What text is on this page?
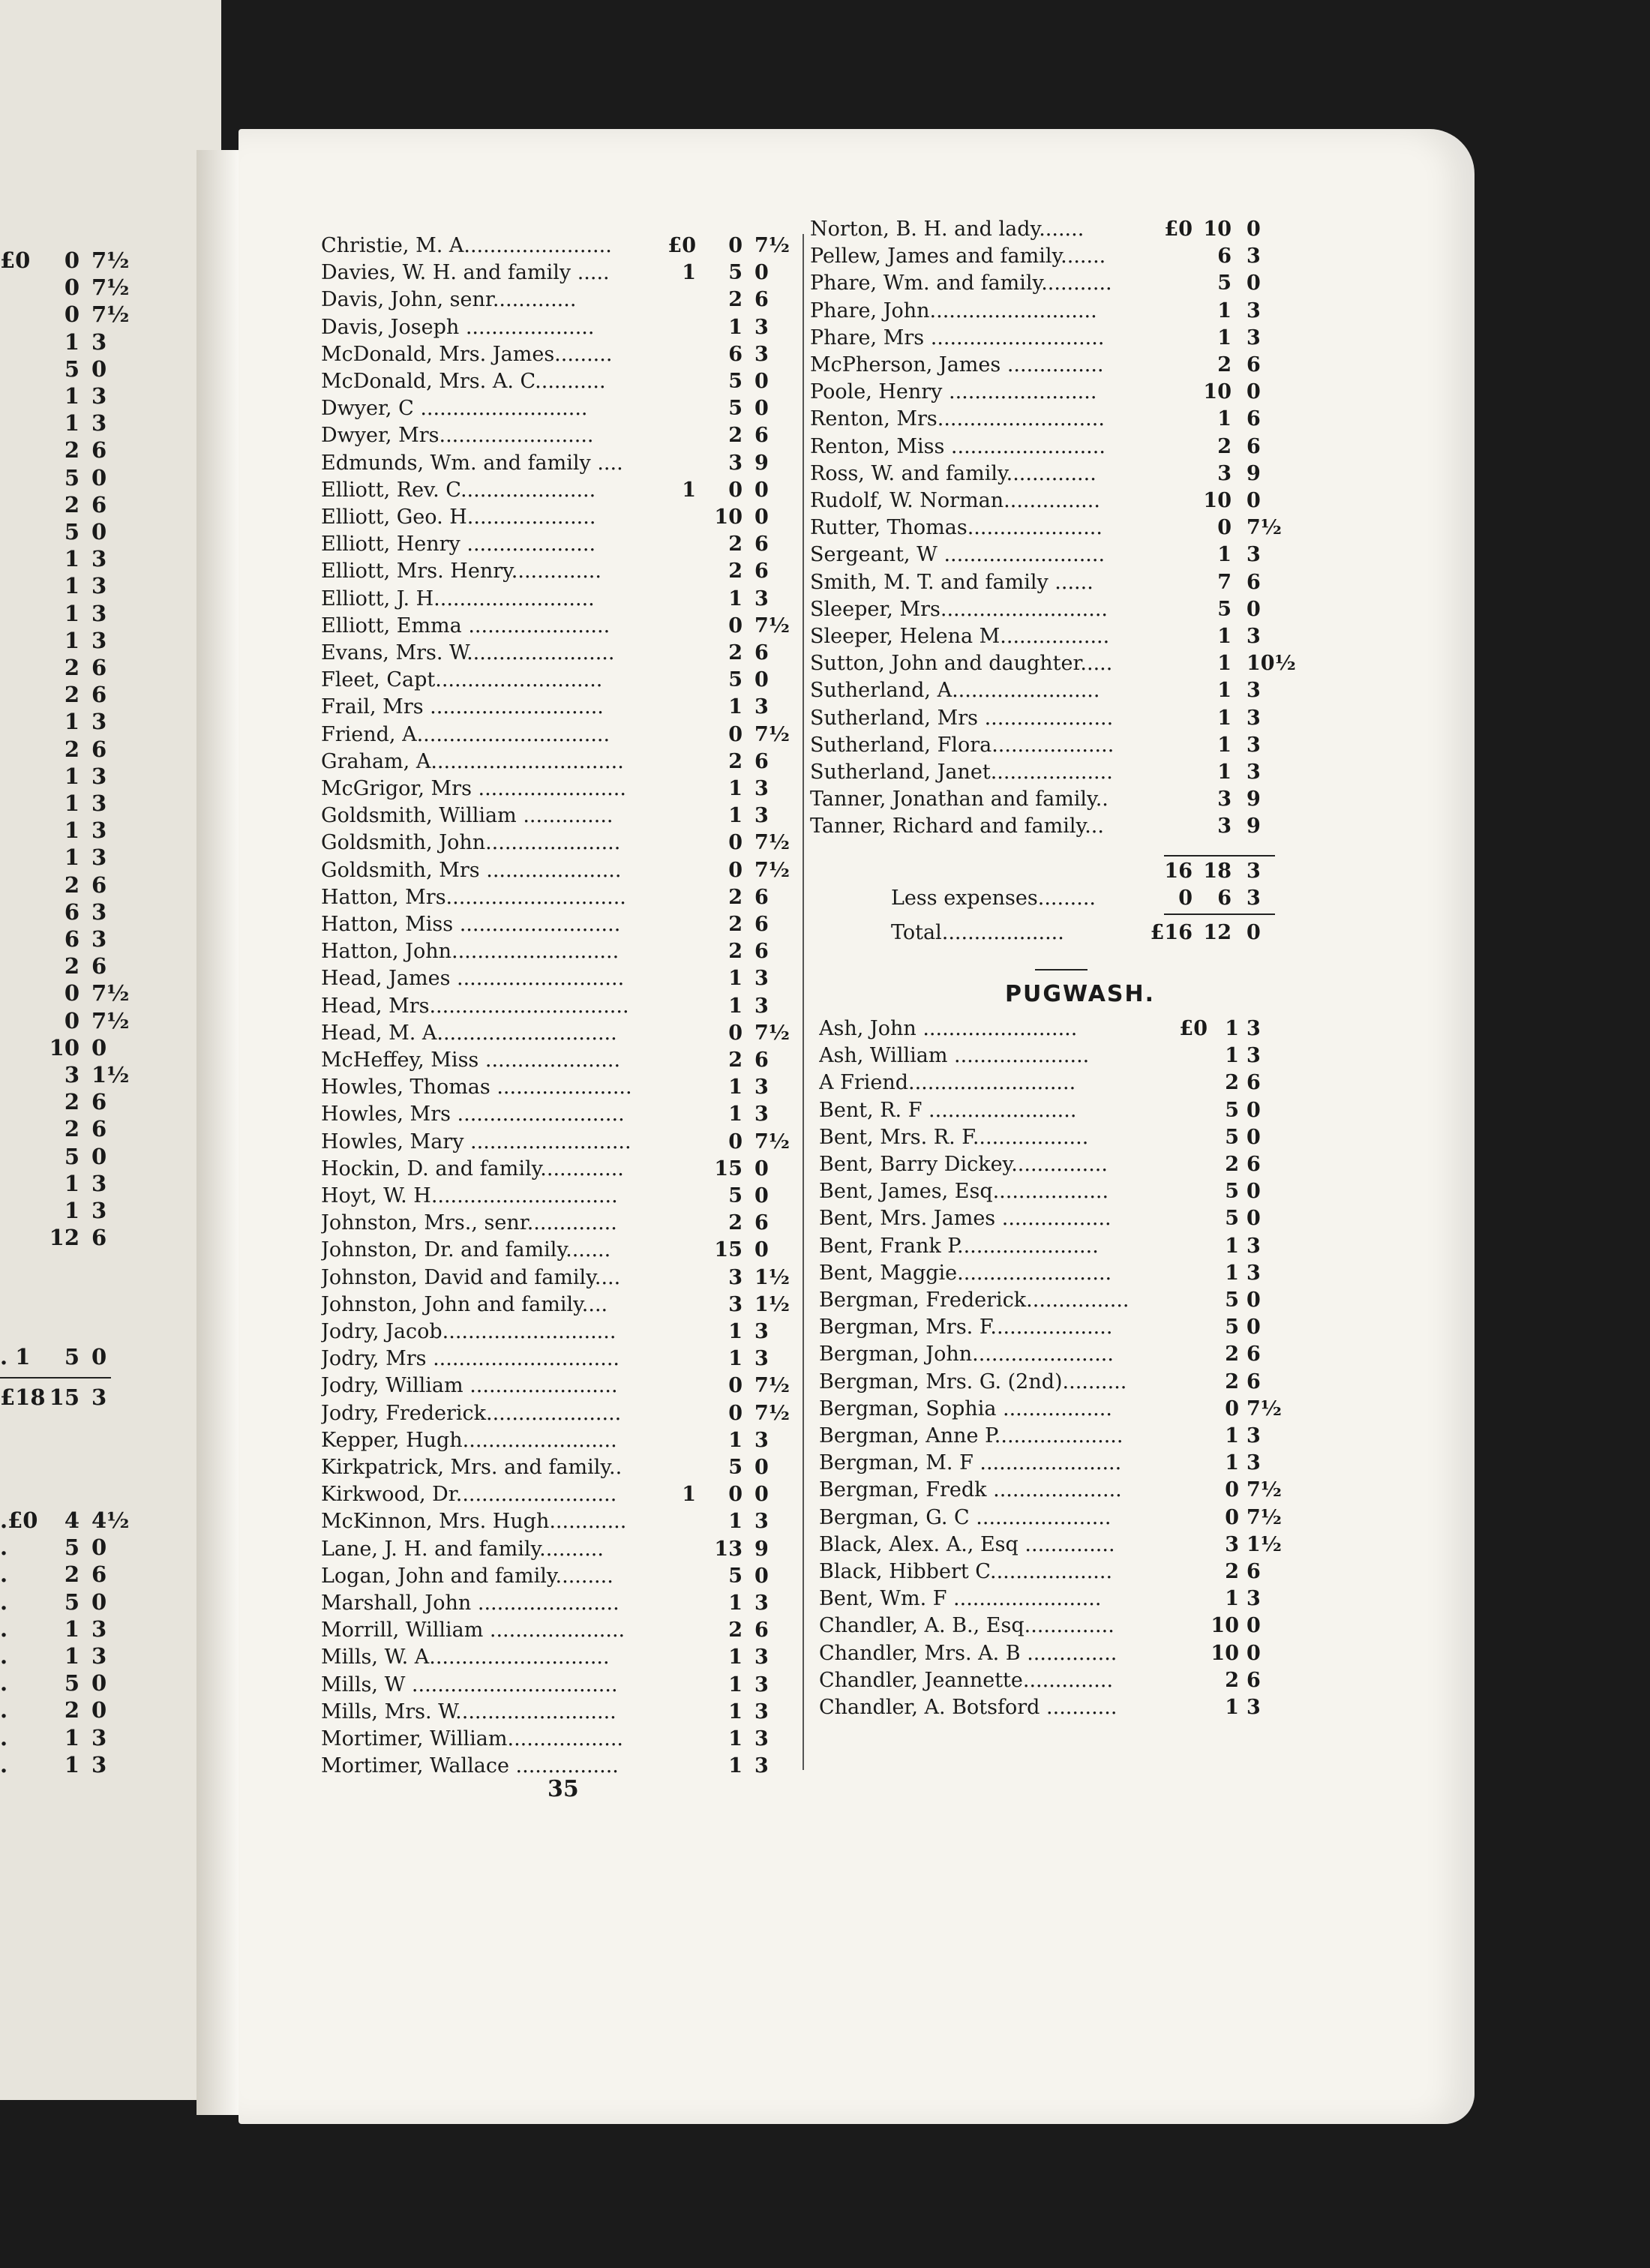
£0 0 7½
0 7½
0 7½
1 3
5 0
1 3
1 3
2 6
5 0
2 6
5 0
1 3
1 3
1 3
1 3
2 6
2 6
1 3
2 6
1 3
1 3
1 3
1 3
2 6
6 3
6 3
2 6
0 7½
0 7½
10 0
3 1½
2 6
2 6
5 0
1 3
1 3
12 6
. 1 5 0
£18 15 3
.£0 4 4½
.	5 0
.	2 6
.	5 0
.	1 3
.	1 3
.	5 0
.	2 0
.	1 3
.	1 3
Christie, M. A.......................	£0 0 7½
Davies, W. H. and family .....	1 5 0
Davis, John, senr.............	2 6
Davis, Joseph ....................	1 3
McDonald, Mrs. James.........	6 3
McDonald, Mrs. A. C...........	5 0
Dwyer, C ..........................	5 0
Dwyer, Mrs........................	2 6
Edmunds, Wm. and family ....	3 9
Elliott, Rev. C.....................	1 0 0
Elliott, Geo. H....................	10 0
Elliott, Henry ....................	2 6
Elliott, Mrs. Henry..............	2 6
Elliott, J. H.........................	1 3
Elliott, Emma ......................	0 7½
Evans, Mrs. W.......................	2 6
Fleet, Capt..........................	5 0
Frail, Mrs ...........................	1 3
Friend, A..............................	0 7½
Graham, A..............................	2 6
McGrigor, Mrs .......................	1 3
Goldsmith, William ..............	1 3
Goldsmith, John.....................	0 7½
Goldsmith, Mrs .....................	0 7½
Hatton, Mrs............................	2 6
Hatton, Miss .........................	2 6
Hatton, John..........................	2 6
Head, James ..........................	1 3
Head, Mrs...............................	1 3
Head, M. A............................	0 7½
McHeffey, Miss .....................	2 6
Howles, Thomas .....................	1 3
Howles, Mrs ..........................	1 3
Howles, Mary .........................	0 7½
Hockin, D. and family.............	15 0
Hoyt, W. H.............................	5 0
Johnston, Mrs., senr..............	2 6
Johnston, Dr. and family.......	15 0
Johnston, David and family....	3 1½
Johnston, John and family....	3 1½
Jodry, Jacob...........................	1 3
Jodry, Mrs .............................	1 3
Jodry, William .......................	0 7½
Jodry, Frederick.....................	0 7½
Kepper, Hugh........................	1 3
Kirkpatrick, Mrs. and family..	5 0
Kirkwood, Dr.........................	1 0 0
McKinnon, Mrs. Hugh............	1 3
Lane, J. H. and family..........	13 9
Logan, John and family.........	5 0
Marshall, John ......................	1 3
Morrill, William .....................	2 6
Mills, W. A............................	1 3
Mills, W ................................	1 3
Mills, Mrs. W.........................	1 3
Mortimer, William..................	1 3
Mortimer, Wallace ................	1 3
Norton, B. H. and lady.......	£0 10 0
Pellew, James and family.......	6 3
Phare, Wm. and family...........	5 0
Phare, John..........................	1 3
Phare, Mrs ...........................	1 3
McPherson, James ...............	2 6
Poole, Henry .......................	10 0
Renton, Mrs..........................	1 6
Renton, Miss ........................	2 6
Ross, W. and family..............	3 9
Rudolf, W. Norman...............	10 0
Rutter, Thomas.....................	0 7½
Sergeant, W .........................	1 3
Smith, M. T. and family ......	7 6
Sleeper, Mrs..........................	5 0
Sleeper, Helena M.................	1 3
Sutton, John and daughter.....	1 10½
Sutherland, A.......................	1 3
Sutherland, Mrs ....................	1 3
Sutherland, Flora...................	1 3
Sutherland, Janet...................	1 3
Tanner, Jonathan and family..	3 9
Tanner, Richard and family...	3 9
16 18 3
Less expenses.........	0 6 3
Total...................	£16 12 0
PUGWASH.
Ash, John ........................	£0 1 3
Ash, William .....................	1 3
A Friend..........................	2 6
Bent, R. F .......................	5 0
Bent, Mrs. R. F..................	5 0
Bent, Barry Dickey...............	2 6
Bent, James, Esq..................	5 0
Bent, Mrs. James .................	5 0
Bent, Frank P......................	1 3
Bent, Maggie........................	1 3
Bergman, Frederick................	5 0
Bergman, Mrs. F...................	5 0
Bergman, John......................	2 6
Bergman, Mrs. G. (2nd)..........	2 6
Bergman, Sophia .................	0 7½
Bergman, Anne P....................	1 3
Bergman, M. F ......................	1 3
Bergman, Fredk ....................	0 7½
Bergman, G. C .....................	0 7½
Black, Alex. A., Esq ..............	3 1½
Black, Hibbert C...................	2 6
Bent, Wm. F .......................	1 3
Chandler, A. B., Esq..............	10 0
Chandler, Mrs. A. B ..............	10 0
Chandler, Jeannette..............	2 6
Chandler, A. Botsford ...........	1 3
35
